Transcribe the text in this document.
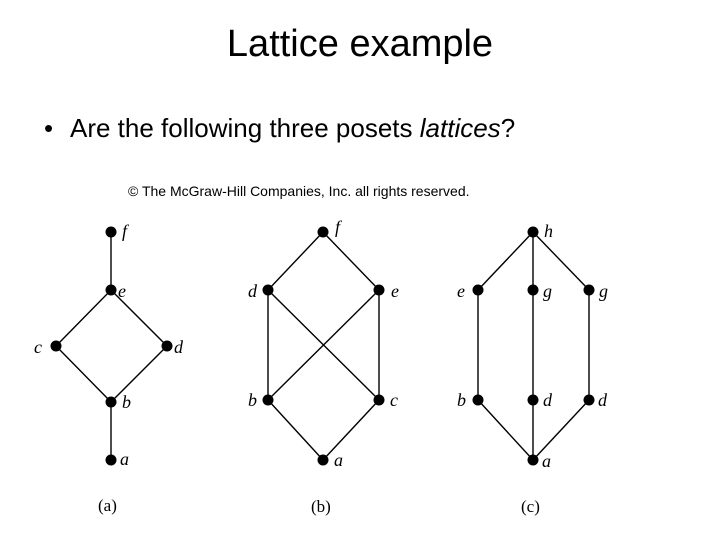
Lattice example
• Are the following three posets lattices?
© The McGraw-Hill Companies, Inc. all rights reserved.
f
e
c	d
b
a
f
d	e
b	c
a
h
e	g	g
b	d	d
a
(a)	(b)	(c)
